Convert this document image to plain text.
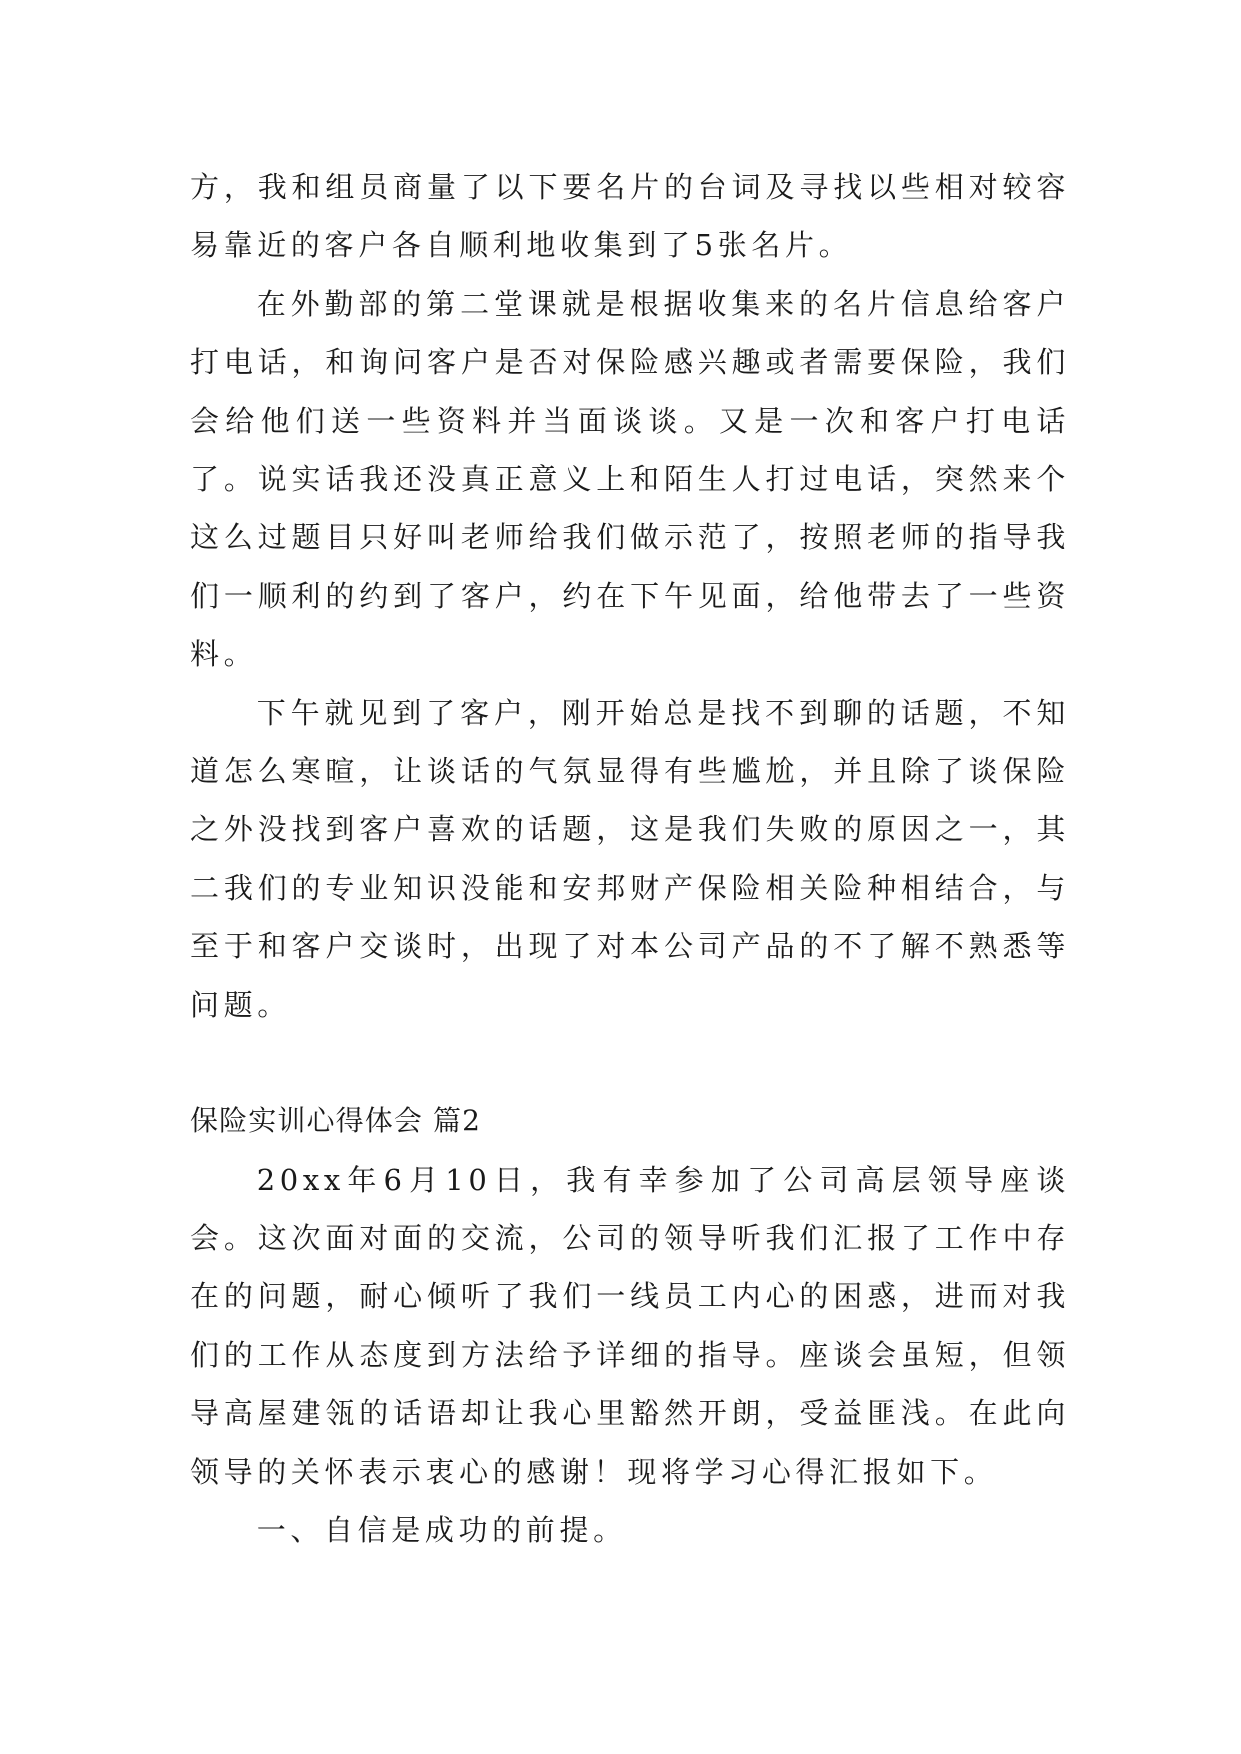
方，我和组员商量了以下要名片的台词及寻找以些相对较容易靠近的客户各自顺利地收集到了5张名片。

在外勤部的第二堂课就是根据收集来的名片信息给客户打电话，和询问客户是否对保险感兴趣或者需要保险，我们会给他们送一些资料并当面谈谈。又是一次和客户打电话了。说实话我还没真正意义上和陌生人打过电话，突然来个这么过题目只好叫老师给我们做示范了，按照老师的指导我们一顺利的约到了客户，约在下午见面，给他带去了一些资料。

下午就见到了客户，刚开始总是找不到聊的话题，不知道怎么寒暄，让谈话的气氛显得有些尴尬，并且除了谈保险之外没找到客户喜欢的话题，这是我们失败的原因之一，其二我们的专业知识没能和安邦财产保险相关险种相结合，与至于和客户交谈时，出现了对本公司产品的不了解不熟悉等问题。

保险实训心得体会 篇2

20xx年6月10日，我有幸参加了公司高层领导座谈会。这次面对面的交流，公司的领导听我们汇报了工作中存在的问题，耐心倾听了我们一线员工内心的困惑，进而对我们的工作从态度到方法给予详细的指导。座谈会虽短，但领导高屋建瓴的话语却让我心里豁然开朗，受益匪浅。在此向领导的关怀表示衷心的感谢！现将学习心得汇报如下。

一、自信是成功的前提。
